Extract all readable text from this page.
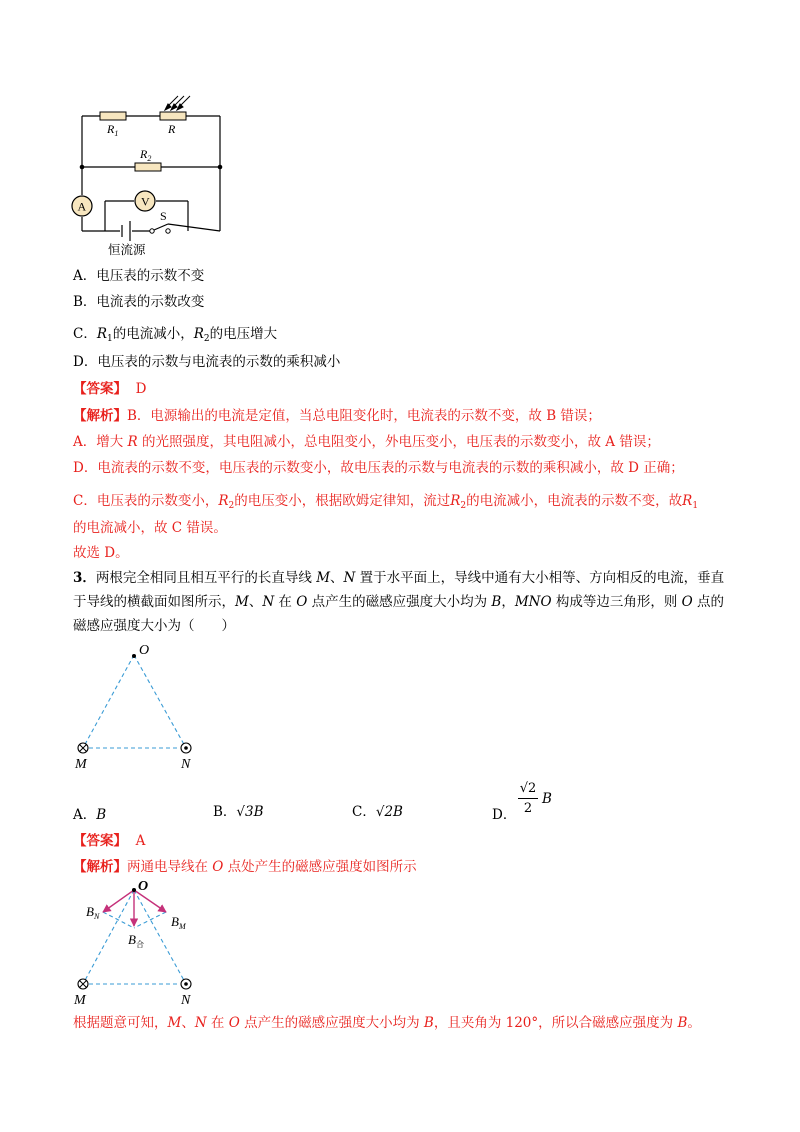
$R_1$	R
$R_2$
A	V
S
恒流源
A．电压表的示数不变
B．电流表的示数改变
C．$R_1$的电流减小，$R_2$的电压增大
D．电压表的示数与电流表的示数的乘积减小
【答案】 D
【解析】B．电源输出的电流是定值，当总电阻变化时，电流表的示数不变，故 B 错误；
A．增大 R 的光照强度，其电阻减小，总电阻变小，外电压变小，电压表的示数变小，故 A 错误；
D．电流表的示数不变，电压表的示数变小，故电压表的示数与电流表的示数的乘积减小，故 D 正确；
C．电压表的示数变小，$R_2$的电压变小，根据欧姆定律知，流过$R_2$的电流减小，电流表的示数不变，故$R_1$
的电流减小，故 C 错误。
故选 D。
3．两根完全相同且相互平行的长直导线 M、N 置于水平面上，导线中通有大小相等、方向相反的电流，垂直于导线的横截面如图所示，M、N 在 O 点产生的磁感应强度大小均为 B，MNO 构成等边三角形，则 O 点的磁感应强度大小为（　　）
O
M	N
A．B	B．√3B	C．√2B	D．
√2
2
B
【答案】 A
【解析】两通电导线在 O 点处产生的磁感应强度如图所示
O
$B_N$	$B_M$
$B_合$
M	N
根据题意可知，M、N 在 O 点产生的磁感应强度大小均为 B，且夹角为 120°，所以合磁感应强度为 B。
